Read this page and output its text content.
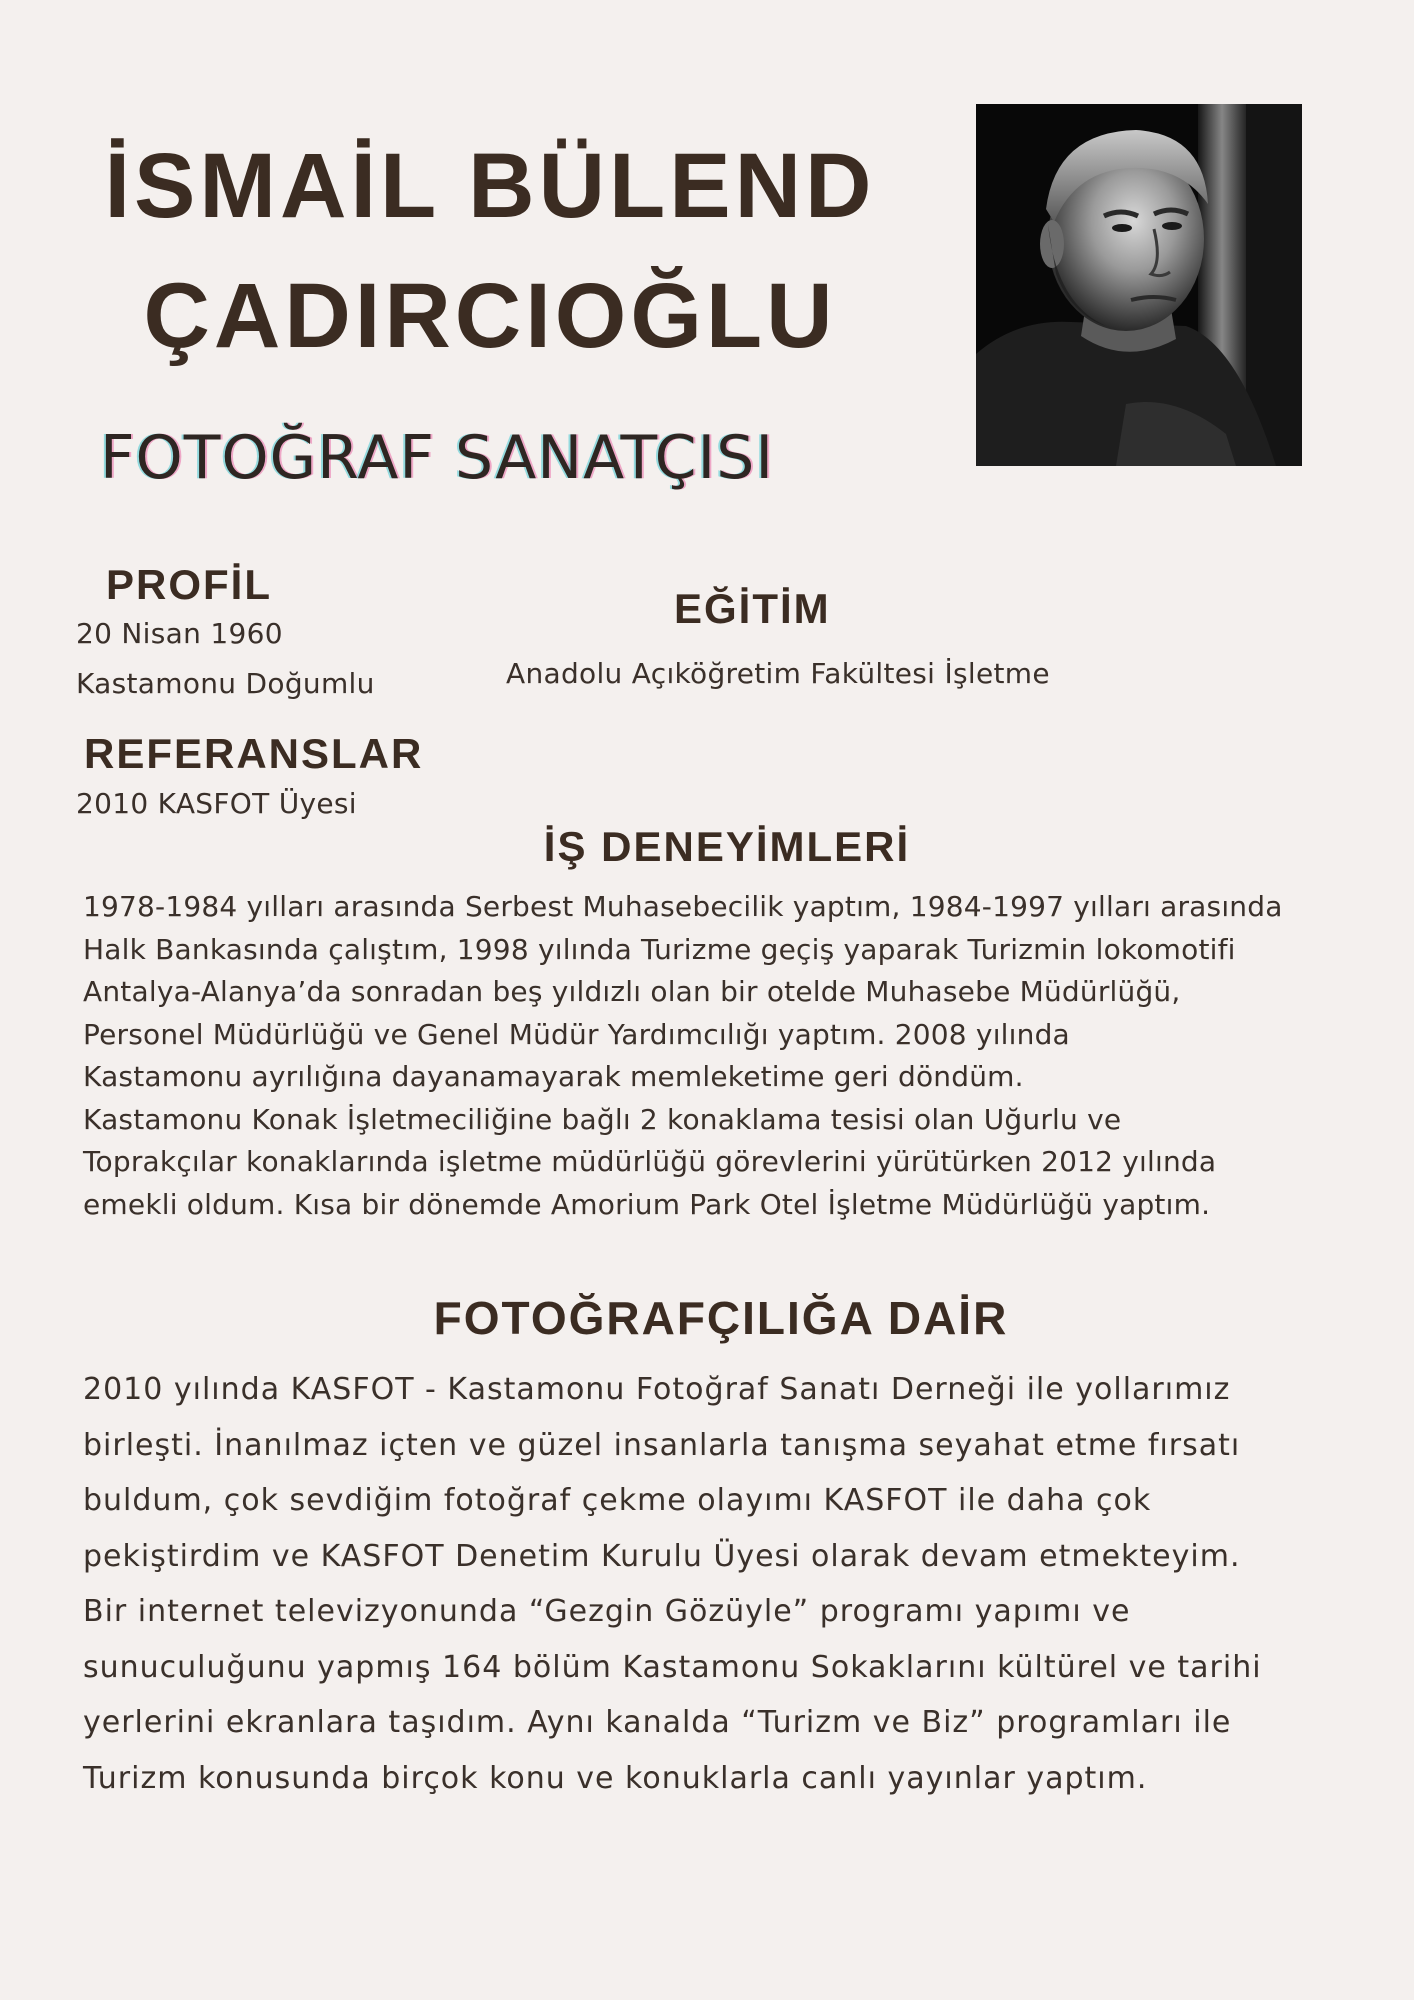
İSMAİL BÜLEND
ÇADIRCIOĞLU
FOTOĞRAF SANATÇISI
PROFİL
20 Nisan 1960
Kastamonu Doğumlu
REFERANSLAR
2010 KASFOT Üyesi
EĞİTİM
Anadolu Açıköğretim Fakültesi İşletme
İŞ DENEYİMLERİ
1978-1984 yılları arasında Serbest Muhasebecilik yaptım, 1984-1997 yılları arasında
Halk Bankasında çalıştım, 1998 yılında Turizme geçiş yaparak Turizmin lokomotifi
Antalya-Alanya’da sonradan beş yıldızlı olan bir otelde Muhasebe Müdürlüğü,
Personel Müdürlüğü ve Genel Müdür Yardımcılığı yaptım. 2008 yılında
Kastamonu ayrılığına dayanamayarak memleketime geri döndüm.
Kastamonu Konak İşletmeciliğine bağlı 2 konaklama tesisi olan Uğurlu ve
Toprakçılar konaklarında işletme müdürlüğü görevlerini yürütürken 2012 yılında
emekli oldum. Kısa bir dönemde Amorium Park Otel İşletme Müdürlüğü yaptım.
FOTOĞRAFÇILIĞA DAİR
2010 yılında KASFOT - Kastamonu Fotoğraf Sanatı Derneği ile yollarımız
birleşti. İnanılmaz içten ve güzel insanlarla tanışma seyahat etme fırsatı
buldum, çok sevdiğim fotoğraf çekme olayımı KASFOT ile daha çok
pekiştirdim ve KASFOT Denetim Kurulu Üyesi olarak devam etmekteyim.
Bir internet televizyonunda “Gezgin Gözüyle” programı yapımı ve
sunuculuğunu yapmış 164 bölüm Kastamonu Sokaklarını kültürel ve tarihi
yerlerini ekranlara taşıdım. Aynı kanalda “Turizm ve Biz” programları ile
Turizm konusunda birçok konu ve konuklarla canlı yayınlar yaptım.
